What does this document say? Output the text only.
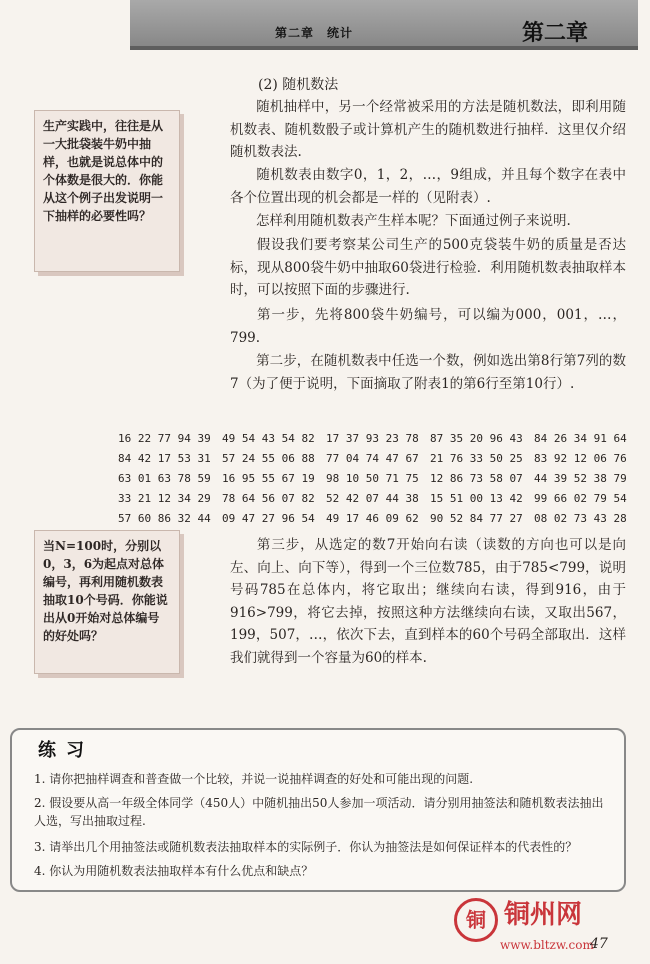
第二章　统计	第二章
(2) 随机数法

随机抽样中，另一个经常被采用的方法是随机数法，即利用随机数表、随机数骰子或计算机产生的随机数进行抽样．这里仅介绍随机数表法.

随机数表由数字0，1，2，…，9组成，并且每个数字在表中各个位置出现的机会都是一样的（见附表）.

怎样利用随机数表产生样本呢？下面通过例子来说明.

假设我们要考察某公司生产的500克袋装牛奶的质量是否达标，现从800袋牛奶中抽取60袋进行检验．利用随机数表抽取样本时，可以按照下面的步骤进行.

第一步，先将800袋牛奶编号，可以编为000，001，…，799.

第二步，在随机数表中任选一个数，例如选出第8行第7列的数7（为了便于说明，下面摘取了附表1的第6行至第10行）.

生产实践中，往往是从一大批袋装牛奶中抽样，也就是说总体中的个体数是很大的．你能从这个例子出发说明一下抽样的必要性吗？
当N=100时，分别以0，3，6为起点对总体编号，再利用随机数表抽取10个号码．你能说出从0开始对总体编号的好处吗？
16 22 77 94 39 49 54 43 54 82 17 37 93 23 78 87 35 20 96 43 84 26 34 91 64
84 42 17 53 31 57 24 55 06 88 77 04 74 47 67 21 76 33 50 25 83 92 12 06 76
63 01 63 78 59 16 95 55 67 19 98 10 50 71 75 12 86 73 58 07 44 39 52 38 79
33 21 12 34 29 78 64 56 07 82 52 42 07 44 38 15 51 00 13 42 99 66 02 79 54
57 60 86 32 44 09 47 27 96 54 49 17 46 09 62 90 52 84 77 27 08 02 73 43 28

第三步，从选定的数7开始向右读（读数的方向也可以是向左、向上、向下等），得到一个三位数785，由于785<799，说明号码785在总体内，将它取出；继续向右读，得到916，由于916>799，将它去掉，按照这种方法继续向右读，又取出567，199，507，…，依次下去，直到样本的60个号码全部取出．这样我们就得到一个容量为60的样本.

练习
1. 请你把抽样调查和普查做一个比较，并说一说抽样调查的好处和可能出现的问题.
2. 假设要从高一年级全体同学（450人）中随机抽出50人参加一项活动．请分别用抽签法和随机数表法抽出人选，写出抽取过程.
3. 请举出几个用抽签法或随机数表法抽取样本的实际例子．你认为抽签法是如何保证样本的代表性的？
4. 你认为用随机数表法抽取样本有什么优点和缺点？
铜 铜州网
www.bltzw.com
47
